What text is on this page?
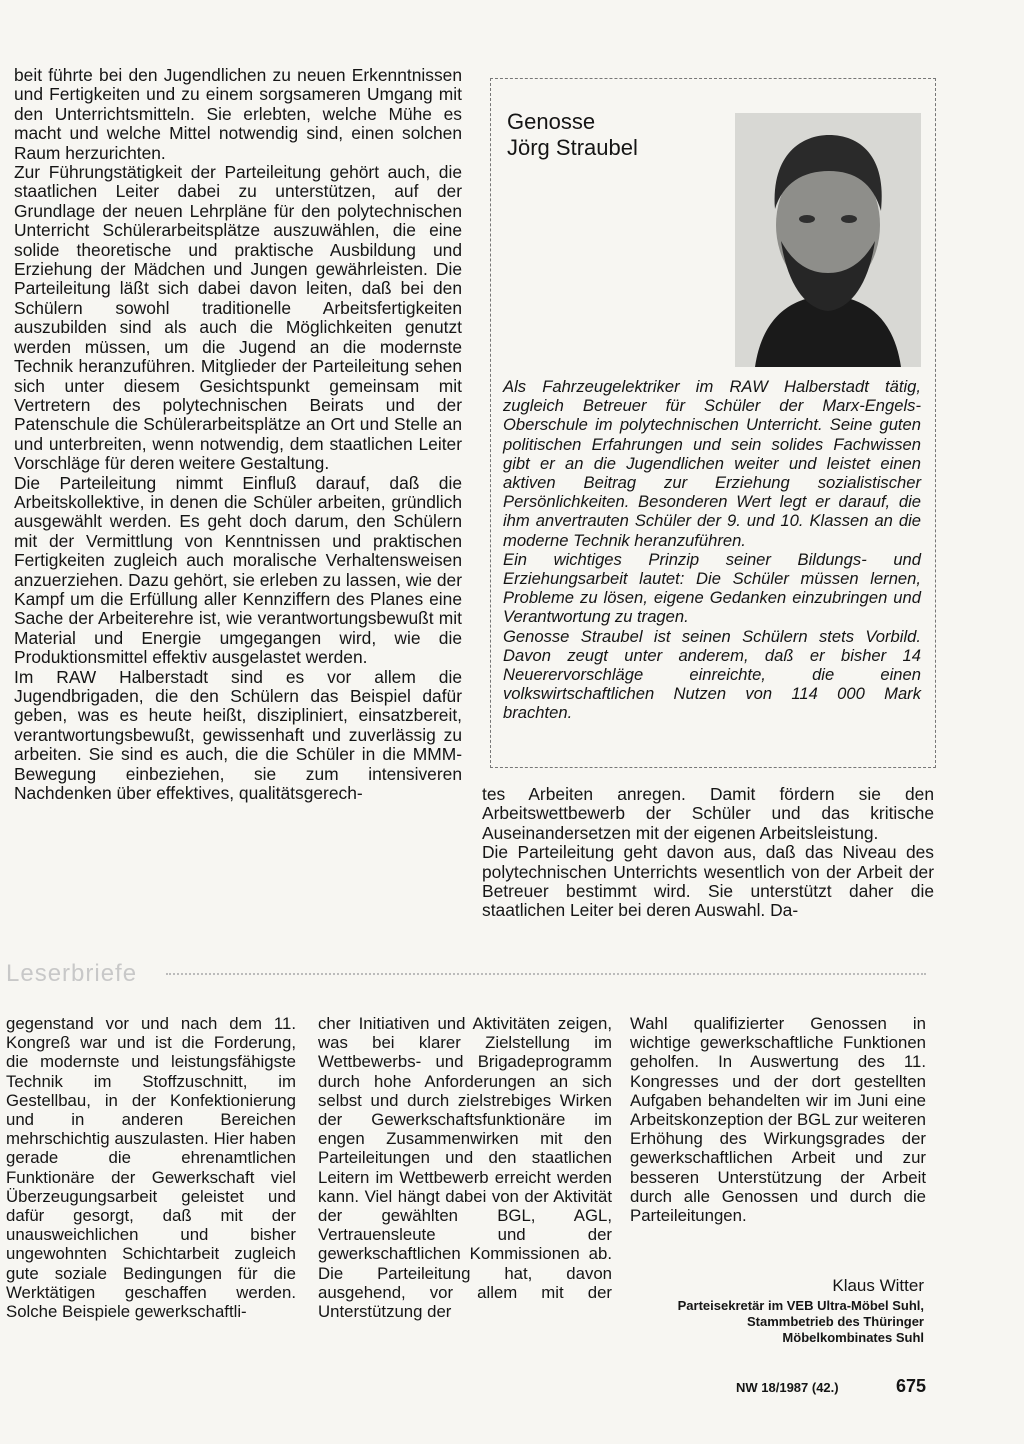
beit führte bei den Jugendlichen zu neuen Erkenntnissen und Fertigkeiten und zu einem sorgsameren Umgang mit den Unterrichtsmitteln. Sie erlebten, welche Mühe es macht und welche Mittel notwendig sind, einen solchen Raum herzurichten.

Zur Führungstätigkeit der Parteileitung gehört auch, die staatlichen Leiter dabei zu unterstützen, auf der Grundlage der neuen Lehrpläne für den polytechnischen Unterricht Schülerarbeitsplätze auszuwählen, die eine solide theoretische und praktische Ausbildung und Erziehung der Mädchen und Jungen gewährleisten. Die Parteileitung läßt sich dabei davon leiten, daß bei den Schülern sowohl traditionelle Arbeitsfertigkeiten auszubilden sind als auch die Möglichkeiten genutzt werden müssen, um die Jugend an die modernste Technik heranzuführen. Mitglieder der Parteileitung sehen sich unter diesem Gesichtspunkt gemeinsam mit Vertretern des polytechnischen Beirats und der Patenschule die Schülerarbeitsplätze an Ort und Stelle an und unterbreiten, wenn notwendig, dem staatlichen Leiter Vorschläge für deren weitere Gestaltung.

Die Parteileitung nimmt Einfluß darauf, daß die Arbeitskollektive, in denen die Schüler arbeiten, gründlich ausgewählt werden. Es geht doch darum, den Schülern mit der Vermittlung von Kenntnissen und praktischen Fertigkeiten zugleich auch moralische Verhaltensweisen anzuerziehen. Dazu gehört, sie erleben zu lassen, wie der Kampf um die Erfüllung aller Kennziffern des Planes eine Sache der Arbeiterehre ist, wie verantwortungsbewußt mit Material und Energie umgegangen wird, wie die Produktionsmittel effektiv ausgelastet werden.

Im RAW Halberstadt sind es vor allem die Jugendbrigaden, die den Schülern das Beispiel dafür geben, was es heute heißt, diszipliniert, einsatzbereit, verantwortungsbewußt, gewissenhaft und zuverlässig zu arbeiten. Sie sind es auch, die die Schüler in die MMM-Bewegung einbeziehen, sie zum intensiveren Nachdenken über effektives, qualitätsgerech-

Genosse
Jörg Straubel

Als Fahrzeugelektriker im RAW Halberstadt tätig, zugleich Betreuer für Schüler der Marx-Engels-Oberschule im polytechnischen Unterricht. Seine guten politischen Erfahrungen und sein solides Fachwissen gibt er an die Jugendlichen weiter und leistet einen aktiven Beitrag zur Erziehung sozialistischer Persönlichkeiten. Besonderen Wert legt er darauf, die ihm anvertrauten Schüler der 9. und 10. Klassen an die moderne Technik heranzuführen.

Ein wichtiges Prinzip seiner Bildungs- und Erziehungsarbeit lautet: Die Schüler müssen lernen, Probleme zu lösen, eigene Gedanken einzubringen und Verantwortung zu tragen.

Genosse Straubel ist seinen Schülern stets Vorbild. Davon zeugt unter anderem, daß er bisher 14 Neuerervorschläge einreichte, die einen volkswirtschaftlichen Nutzen von 114 000 Mark brachten.

tes Arbeiten anregen. Damit fördern sie den Arbeitswettbewerb der Schüler und das kritische Auseinandersetzen mit der eigenen Arbeitsleistung.

Die Parteileitung geht davon aus, daß das Niveau des polytechnischen Unterrichts wesentlich von der Arbeit der Betreuer bestimmt wird. Sie unterstützt daher die staatlichen Leiter bei deren Auswahl. Da-

Leserbriefe
gegenstand vor und nach dem 11. Kongreß war und ist die Forderung, die modernste und leistungsfähigste Technik im Stoffzuschnitt, im Gestellbau, in der Konfektionierung und in anderen Bereichen mehrschichtig auszulasten. Hier haben gerade die ehrenamtlichen Funktionäre der Gewerkschaft viel Überzeugungsarbeit geleistet und dafür gesorgt, daß mit der unausweichlichen und bisher ungewohnten Schichtarbeit zugleich gute soziale Bedingungen für die Werktätigen geschaffen werden. Solche Beispiele gewerkschaftli-
cher Initiativen und Aktivitäten zeigen, was bei klarer Zielstellung im Wettbewerbs- und Brigadeprogramm durch hohe Anforderungen an sich selbst und durch zielstrebiges Wirken der Gewerkschaftsfunktionäre im engen Zusammenwirken mit den Parteileitungen und den staatlichen Leitern im Wettbewerb erreicht werden kann. Viel hängt dabei von der Aktivität der gewählten BGL, AGL, Vertrauensleute und der gewerkschaftlichen Kommissionen ab. Die Parteileitung hat, davon ausgehend, vor allem mit der Unterstützung der
Wahl qualifizierter Genossen in wichtige gewerkschaftliche Funktionen geholfen. In Auswertung des 11. Kongresses und der dort gestellten Aufgaben behandelten wir im Juni eine Arbeitskonzeption der BGL zur weiteren Erhöhung des Wirkungsgrades der gewerkschaftlichen Arbeit und zur besseren Unterstützung der Arbeit durch alle Genossen und durch die Parteileitungen.
Klaus Witter
Parteisekretär im VEB Ultra-Möbel Suhl,
Stammbetrieb des Thüringer
Möbelkombinates Suhl
NW 18/1987 (42.)	675
